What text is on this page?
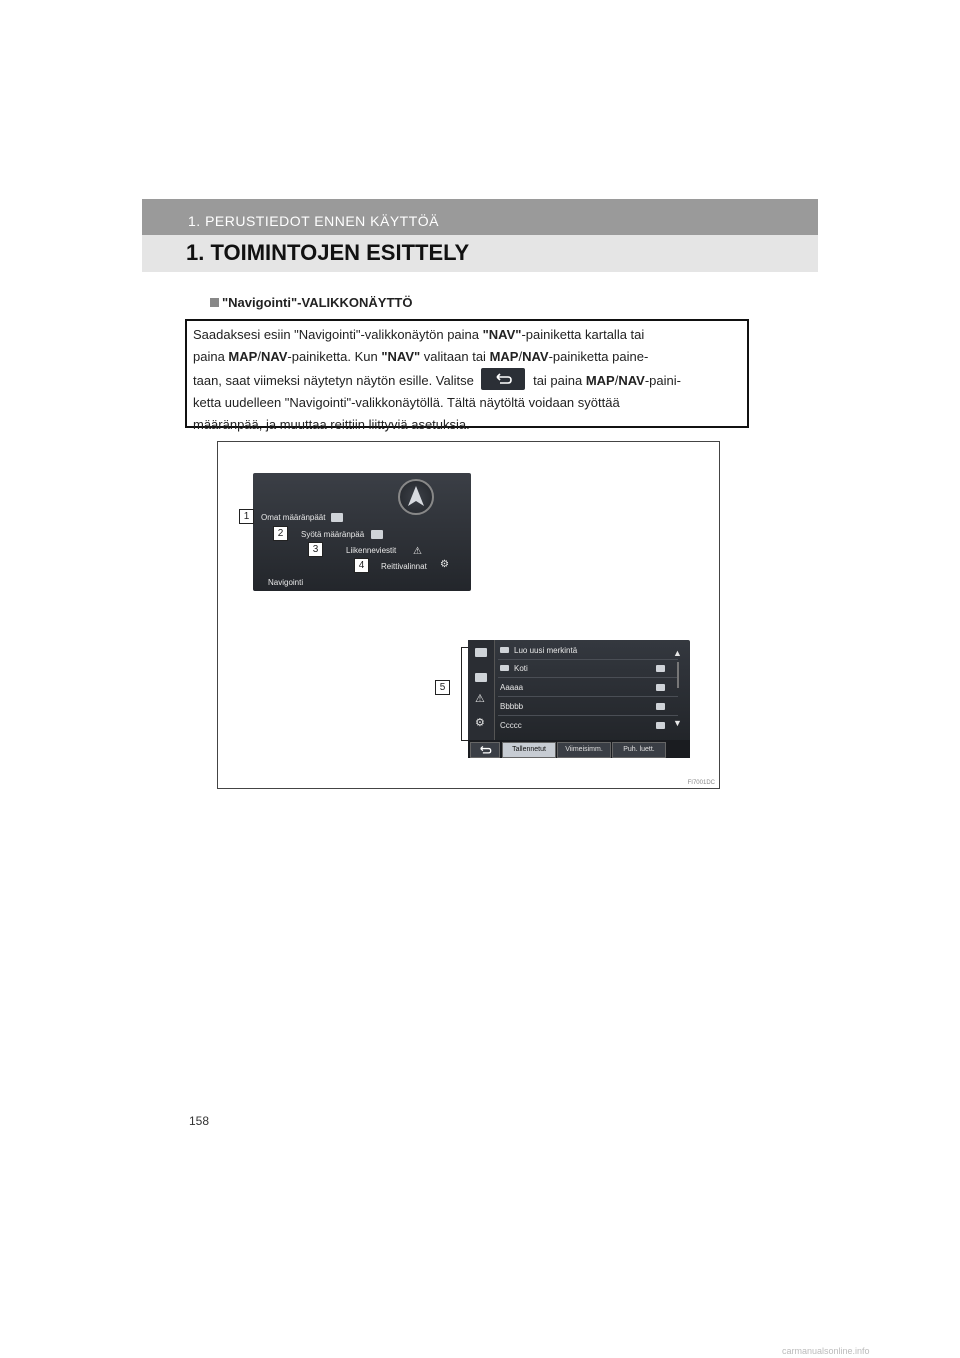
1. PERUSTIEDOT ENNEN KÄYTTÖÄ
1. TOIMINTOJEN ESITTELY
"Navigointi"-VALIKKONÄYTTÖ
Saadaksesi esiin "Navigointi"-valikkonäytön paina "NAV"-painiketta kartalla tai
paina MAP/NAV-painiketta. Kun "NAV" valitaan tai MAP/NAV-painiketta paine-
taan, saat viimeksi näytetyn näytön esille. Valitse	tai paina MAP/NAV-paini-
ketta uudelleen "Navigointi"-valikkonäytöllä. Tältä näytöltä voidaan syöttää
määränpää, ja muuttaa reittiin liittyviä asetuksia.
Omat määränpäät
Syötä määränpää
Liikenneviestit ⚠
Reittivalinnat ⚙
Navigointi
1
2
3
4
5
⚠
⚙
Luo uusi merkintä
Koti
Aaaaa
Bbbbb
Ccccc
▲
▼
Tallennetut	Viimeisimm.	Puh. luett.
FI7001DC
158
carmanualsonline.info
